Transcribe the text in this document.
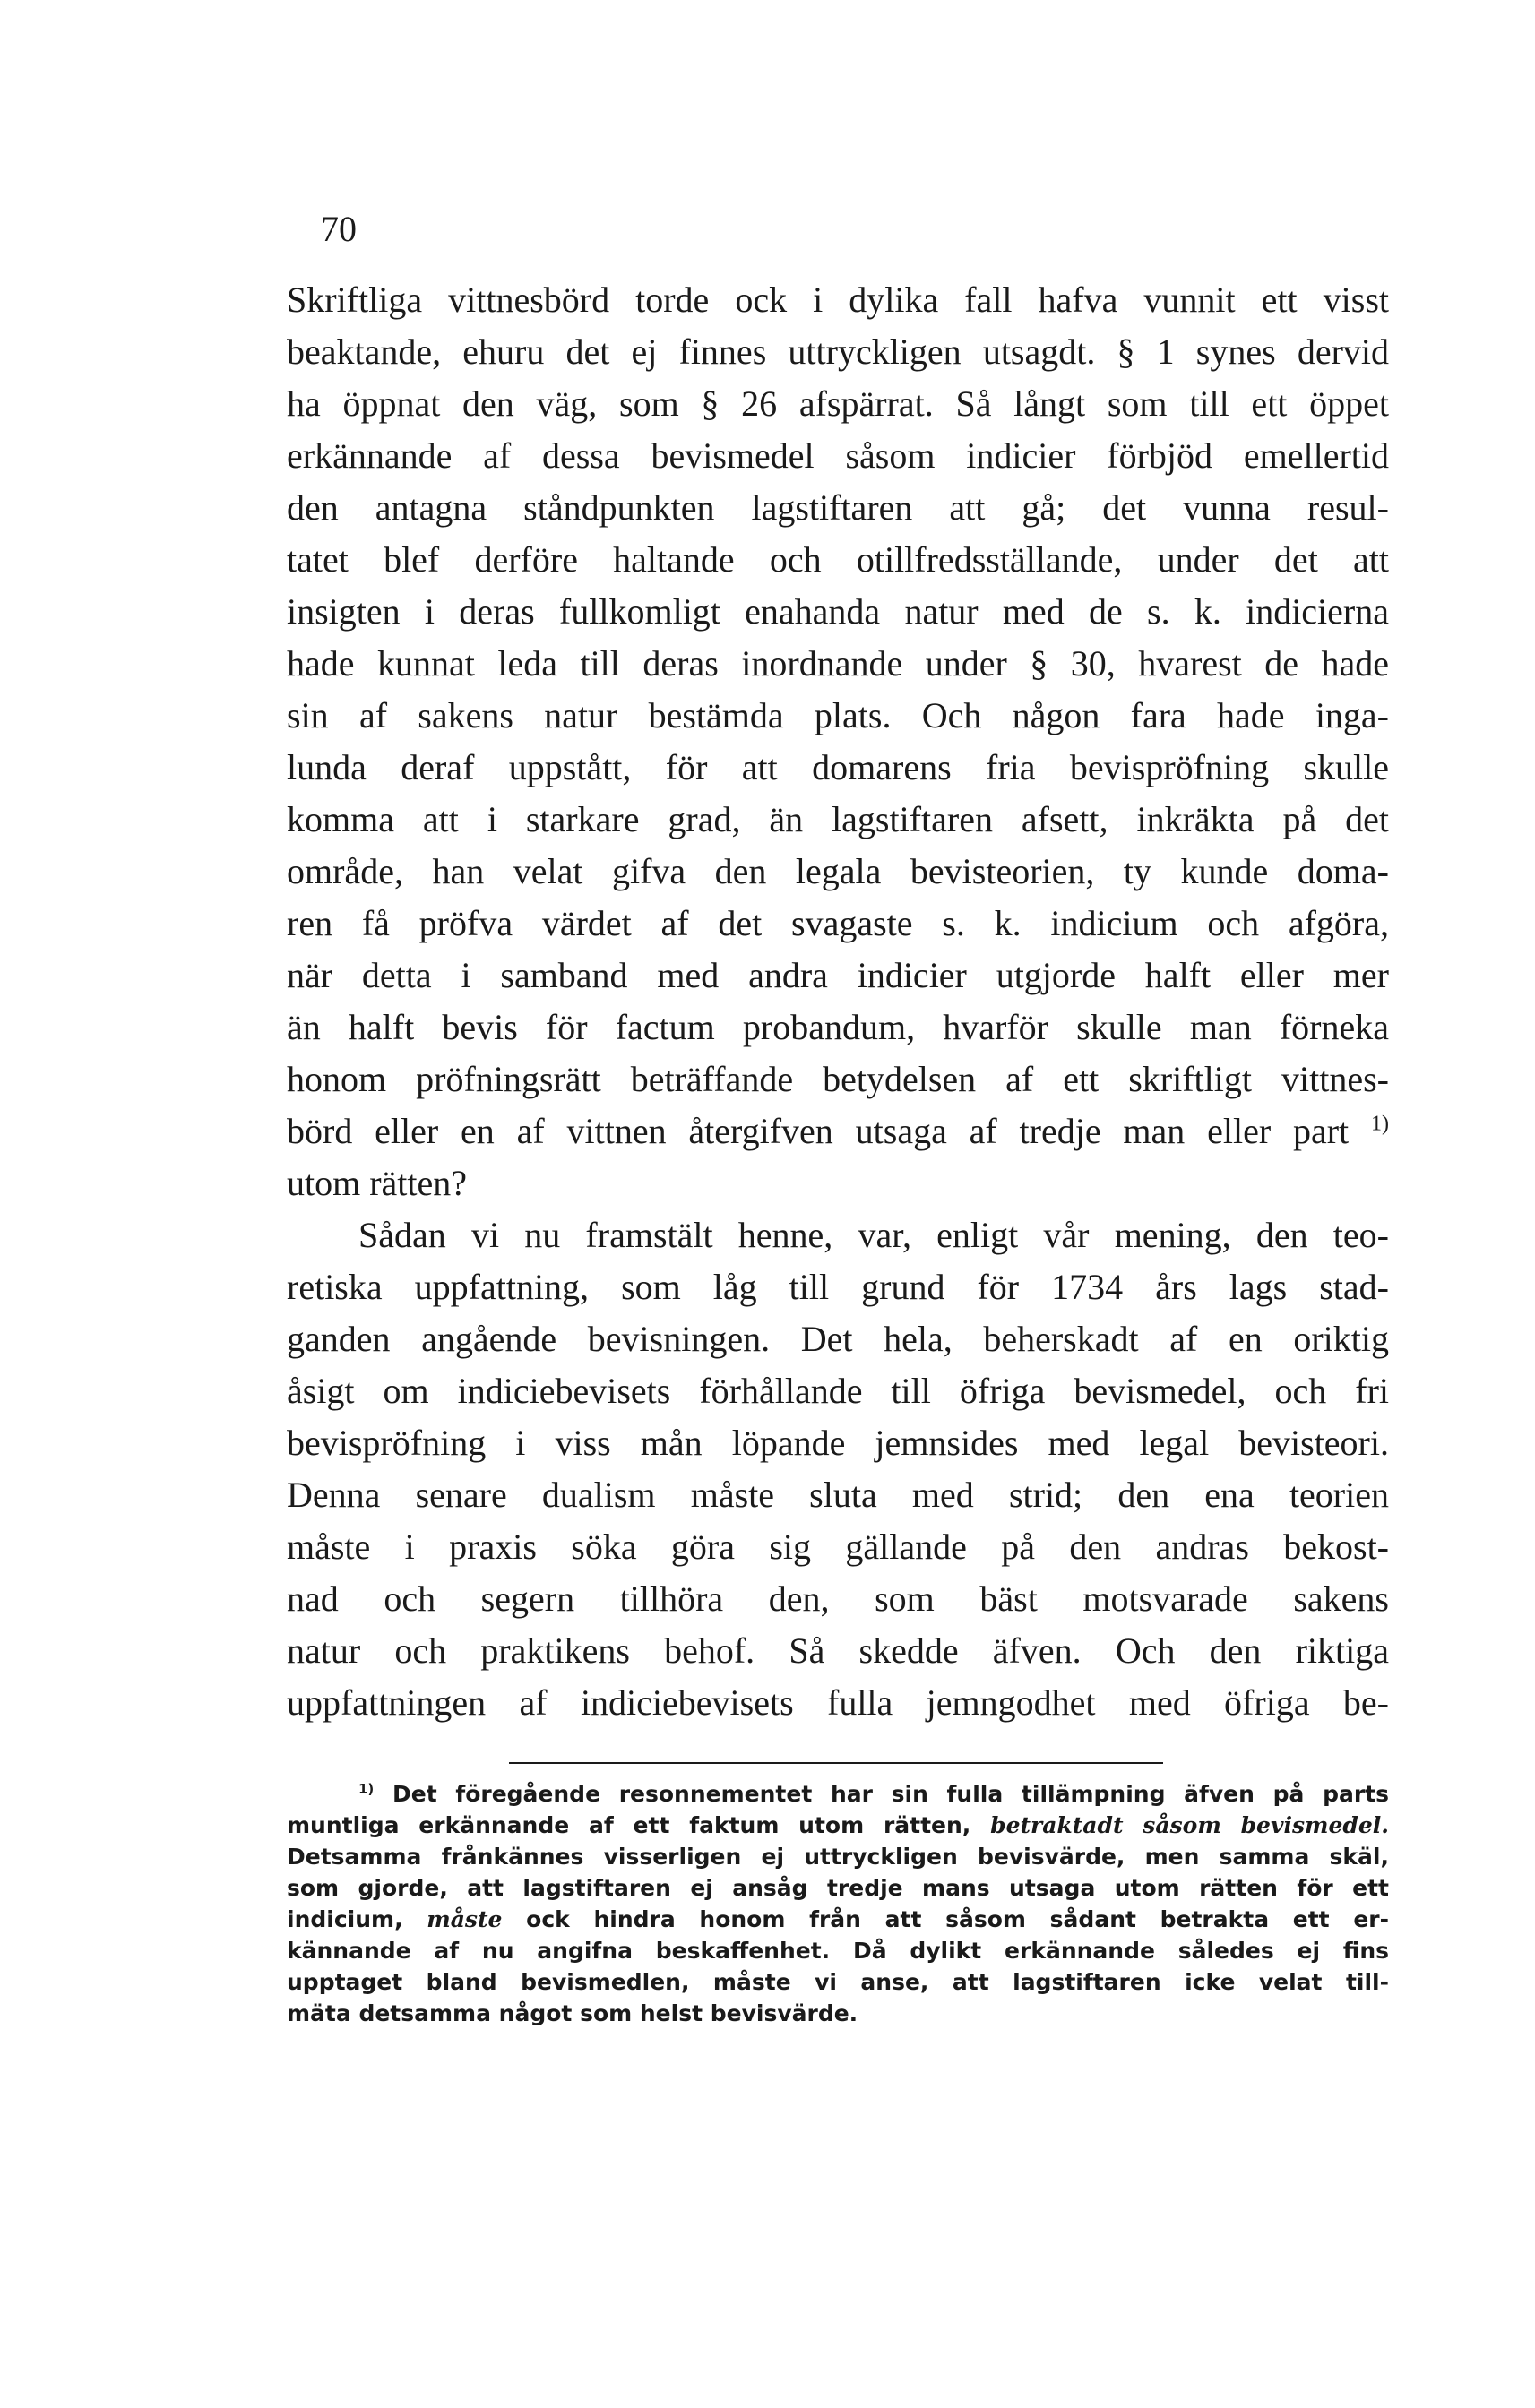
70
Skriftliga vittnesbörd torde ock i dylika fall hafva vunnit ett visst
beaktande, ehuru det ej finnes uttryckligen utsagdt. § 1 synes dervid
ha öppnat den väg, som § 26 afspärrat. Så långt som till ett öppet
erkännande af dessa bevismedel såsom indicier förbjöd emellertid
den antagna ståndpunkten lagstiftaren att gå; det vunna resul-
tatet blef derföre haltande och otillfredsställande, under det att
insigten i deras fullkomligt enahanda natur med de s. k. indicierna
hade kunnat leda till deras inordnande under § 30, hvarest de hade
sin af sakens natur bestämda plats. Och någon fara hade inga-
lunda deraf uppstått, för att domarens fria bevispröfning skulle
komma att i starkare grad, än lagstiftaren afsett, inkräkta på det
område, han velat gifva den legala bevisteorien, ty kunde doma-
ren få pröfva värdet af det svagaste s. k. indicium och afgöra,
när detta i samband med andra indicier utgjorde halft eller mer
än halft bevis för factum probandum, hvarför skulle man förneka
honom pröfningsrätt beträffande betydelsen af ett skriftligt vittnes-
börd eller en af vittnen återgifven utsaga af tredje man eller part $^{1)}$
utom rätten?
Sådan vi nu framstält henne, var, enligt vår mening, den teo-
retiska uppfattning, som låg till grund för 1734 års lags stad-
ganden angående bevisningen. Det hela, beherskadt af en oriktig
åsigt om indiciebevisets förhållande till öfriga bevismedel, och fri
bevispröfning i viss mån löpande jemnsides med legal bevisteori.
Denna senare dualism måste sluta med strid; den ena teorien
måste i praxis söka göra sig gällande på den andras bekost-
nad och segern tillhöra den, som bäst motsvarade sakens
natur och praktikens behof. Så skedde äfven. Och den riktiga
uppfattningen af indiciebevisets fulla jemngodhet med öfriga be-
$^{1)}$ Det föregående resonnementet har sin fulla tillämpning äfven på parts
muntliga erkännande af ett faktum utom rätten, betraktadt såsom bevismedel.
Detsamma frånkännes visserligen ej uttryckligen bevisvärde, men samma skäl,
som gjorde, att lagstiftaren ej ansåg tredje mans utsaga utom rätten för ett
indicium, måste ock hindra honom från att såsom sådant betrakta ett er-
kännande af nu angifna beskaffenhet. Då dylikt erkännande således ej fins
upptaget bland bevismedlen, måste vi anse, att lagstiftaren icke velat till-
mäta detsamma något som helst bevisvärde.
